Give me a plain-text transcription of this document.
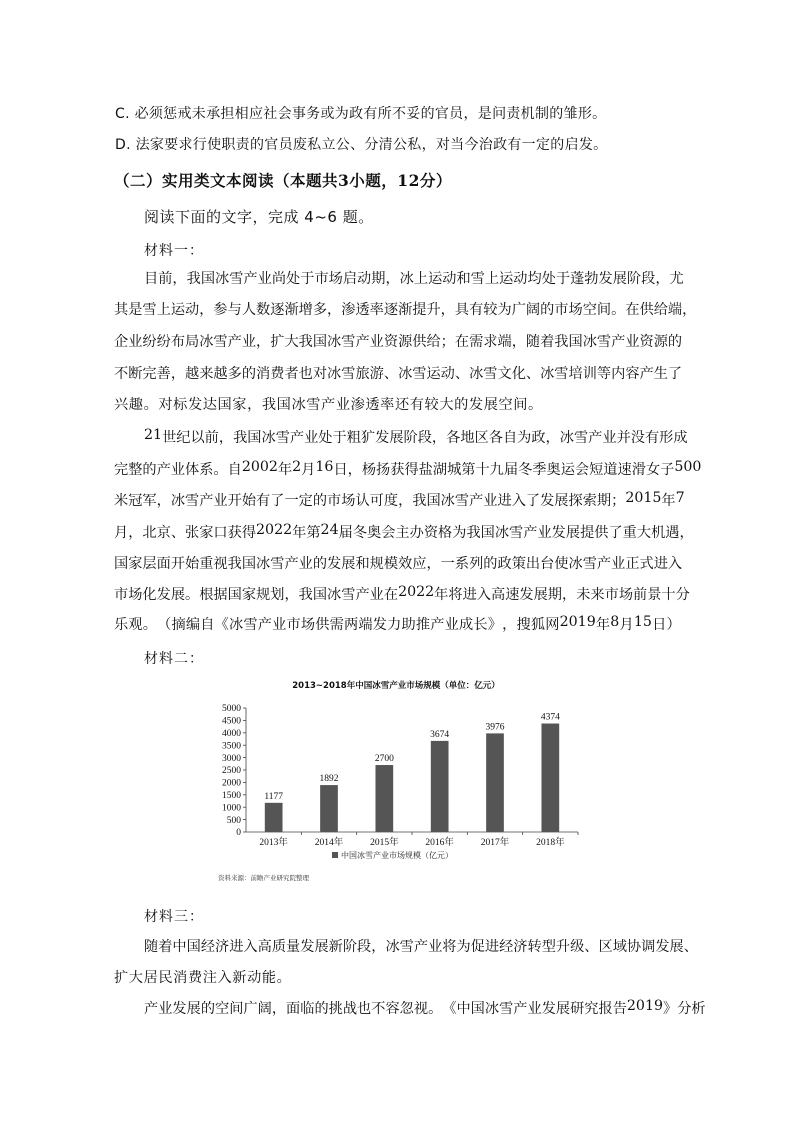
C. 必须惩戒未承担相应社会事务或为政有所不妥的官员，是问责机制的雏形。
D. 法家要求行使职责的官员废私立公、分清公私，对当今治政有一定的启发。
（二）实用类文本阅读（本题共3小题，12分）
阅读下面的文字，完成 4~6 题。
材料一：
目 前 ， 我 国 冰 雪 产 业 尚 处 于 市 场 启 动 期 ， 冰 上 运 动 和 雪 上 运 动 均 处 于 蓬 勃 发 展 阶 段 ， 尤
其 是 雪 上 运 动 ， 参 与 人 数 逐 渐 增 多 ， 渗 透 率 逐 渐 提 升 ， 具 有 较 为 广 阔 的 市 场 空 间 。 在 供 给 端 ，
企 业 纷 纷 布 局 冰 雪 产 业 ， 扩 大 我 国 冰 雪 产 业 资 源 供 给 ； 在 需 求 端 ， 随 着 我 国 冰 雪 产 业 资 源 的
不 断 完 善 ， 越 来 越 多 的 消 费 者 也 对 冰 雪 旅 游 、 冰 雪 运 动 、 冰 雪 文 化 、 冰 雪 培 训 等 内 容 产 生 了
兴趣。对标发达国家，我国冰雪产业渗透率还有较大的发展空间。
21 世 纪 以 前 ， 我 国 冰 雪 产 业 处 于 粗 犷 发 展 阶 段 ， 各 地 区 各 自 为 政 ， 冰 雪 产 业 并 没 有 形 成
完 整 的 产 业 体 系 。 自 2002 年 2 月 16 日 ， 杨 扬 获 得 盐 湖 城 第 十 九 届 冬 季 奥 运 会 短 道 速 滑 女 子 500
米 冠 军 ， 冰 雪 产 业 开 始 有 了 一 定 的 市 场 认 可 度 ， 我 国 冰 雪 产 业 进 入 了 发 展 探 索 期 ； 2015 年 7
月 ， 北 京 、 张 家 口 获 得 2022 年 第 24 届 冬 奥 会 主 办 资 格 为 我 国 冰 雪 产 业 发 展 提 供 了 重 大 机 遇 ，
国 家 层 面 开 始 重 视 我 国 冰 雪 产 业 的 发 展 和 规 模 效 应 ， 一 系 列 的 政 策 出 台 使 冰 雪 产 业 正 式 进 入
市 场 化 发 展 。 根 据 国 家 规 划 ， 我 国 冰 雪 产 业 在 2022 年 将 进 入 高 速 发 展 期 ， 未 来 市 场 前 景 十 分
乐 观 。 （ 摘 编 自 《 冰 雪 产 业 市 场 供 需 两 端 发 力 助 推 产 业 成 长 》 ， 搜 狐 网 2019 年 8 月 15 日 ）
材料二：
2013~2018年中国冰雪产业市场规模（单位：亿元）
0
500
1000
1500
2000
2500
3000
3500
4000
4500
5000
2013年	2014年	2015年	2016年	2017年	2018年
1177
1892
2700
3674
3976
4374
中国冰雪产业市场规模（亿元）
资料来源：前瞻产业研究院整理
材料三：
随 着 中 国 经 济 进 入 高 质 量 发 展 新 阶 段 ， 冰 雪 产 业 将 为 促 进 经 济 转 型 升 级 、 区 域 协 调 发 展 、
扩大居民消费注入新动能。
产 业 发 展 的 空 间 广 阔 ， 面 临 的 挑 战 也 不 容 忽 视 。 《 中 国 冰 雪 产 业 发 展 研 究 报 告 2019 》 分 析
